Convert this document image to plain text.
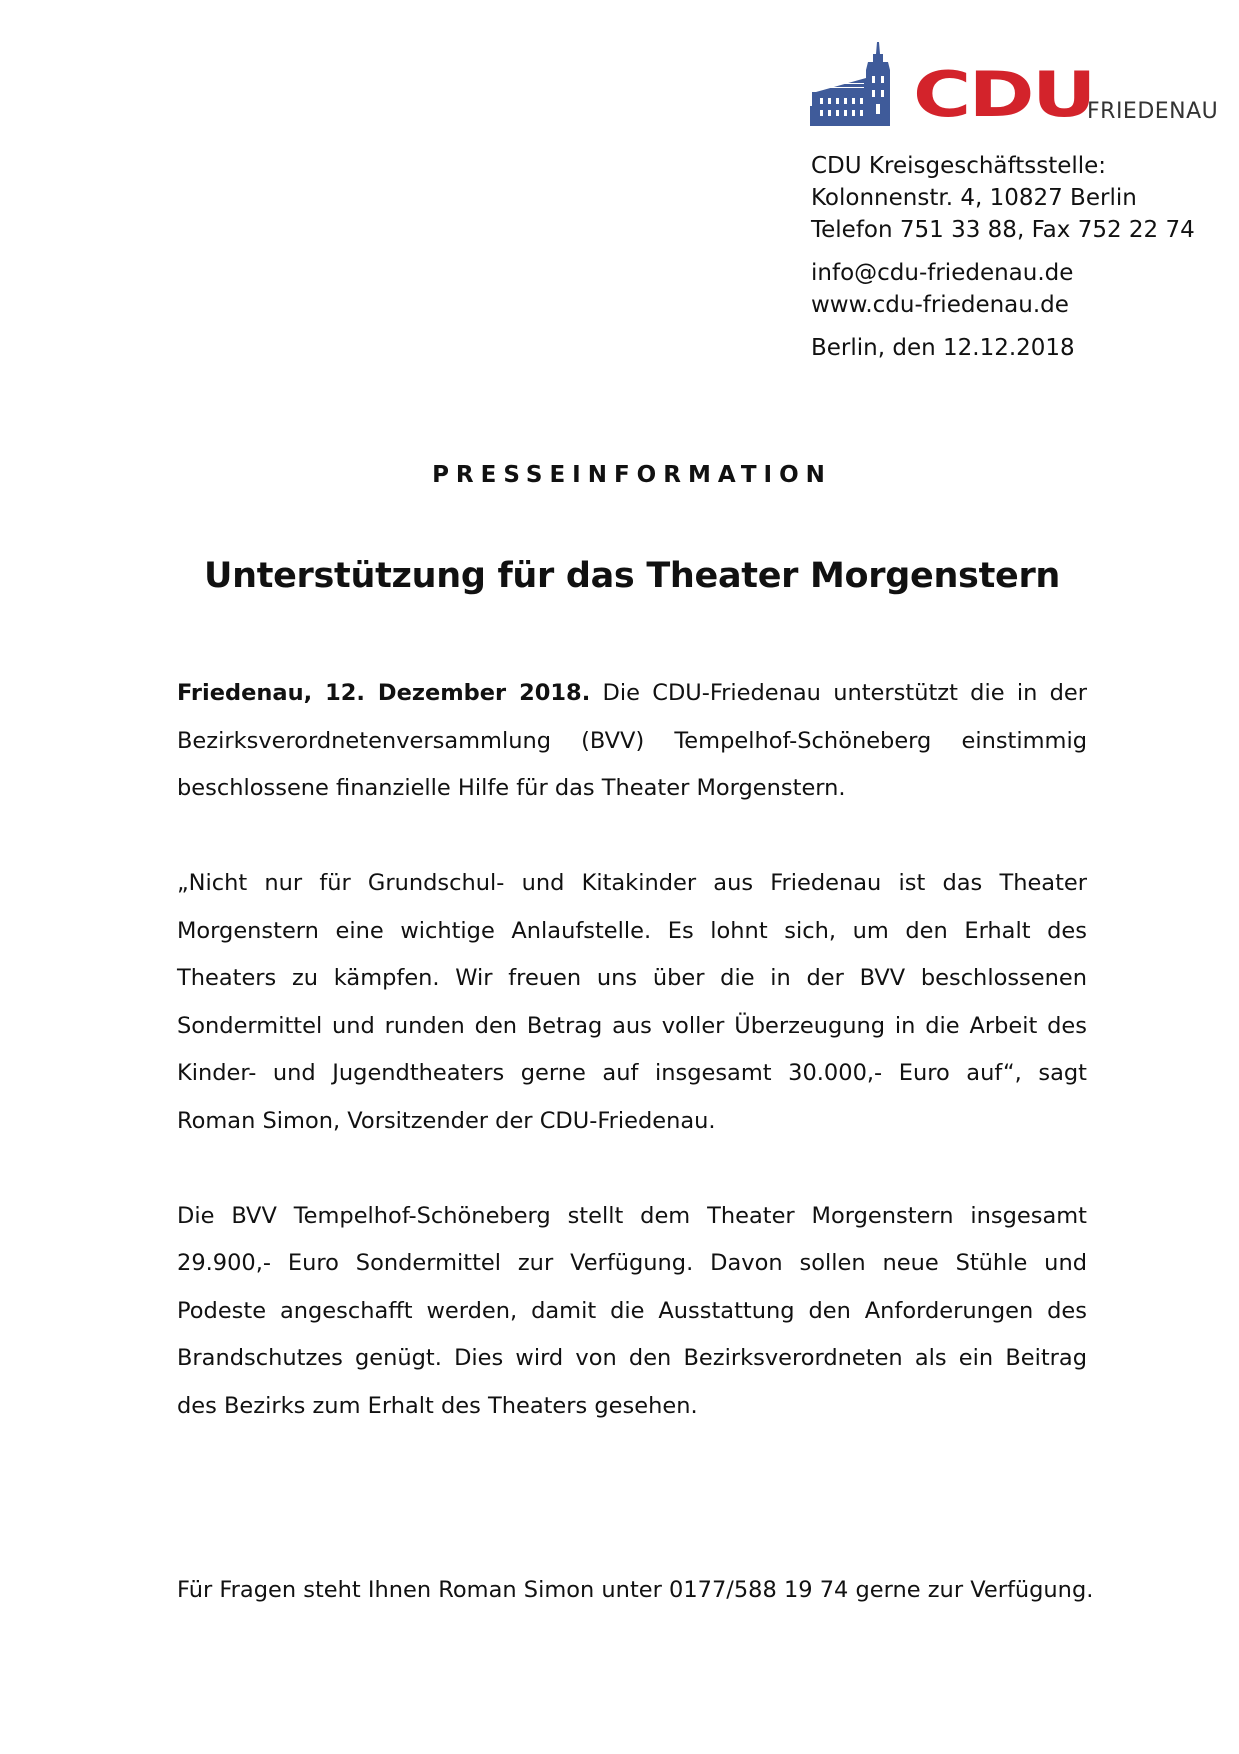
CDU
FRIEDENAU
CDU Kreisgeschäftsstelle:
Kolonnenstr. 4, 10827 Berlin
Telefon 751 33 88, Fax 752 22 74
info@cdu-friedenau.de
www.cdu-friedenau.de
Berlin, den 12.12.2018
PRESSEINFORMATION
Unterstützung für das Theater Morgenstern

Friedenau, 12. Dezember 2018. Die CDU-Friedenau unterstützt die in der Bezirksverordnetenversammlung (BVV) Tempelhof-Schöneberg einstimmig beschlossene finanzielle Hilfe für das Theater Morgenstern.

„Nicht nur für Grundschul- und Kitakinder aus Friedenau ist das Theater Morgenstern eine wichtige Anlaufstelle. Es lohnt sich, um den Erhalt des Theaters zu kämpfen. Wir freuen uns über die in der BVV beschlossenen Sondermittel und runden den Betrag aus voller Überzeugung in die Arbeit des Kinder- und Jugendtheaters gerne auf insgesamt 30.000,- Euro auf“, sagt Roman Simon, Vorsitzender der CDU-Friedenau.

Die BVV Tempelhof-Schöneberg stellt dem Theater Morgenstern insgesamt 29.900,- Euro Sondermittel zur Verfügung. Davon sollen neue Stühle und Podeste angeschafft werden, damit die Ausstattung den Anforderungen des Brandschutzes genügt. Dies wird von den Bezirksverordneten als ein Beitrag des Bezirks zum Erhalt des Theaters gesehen.

Für Fragen steht Ihnen Roman Simon unter 0177/588 19 74 gerne zur Verfügung.
